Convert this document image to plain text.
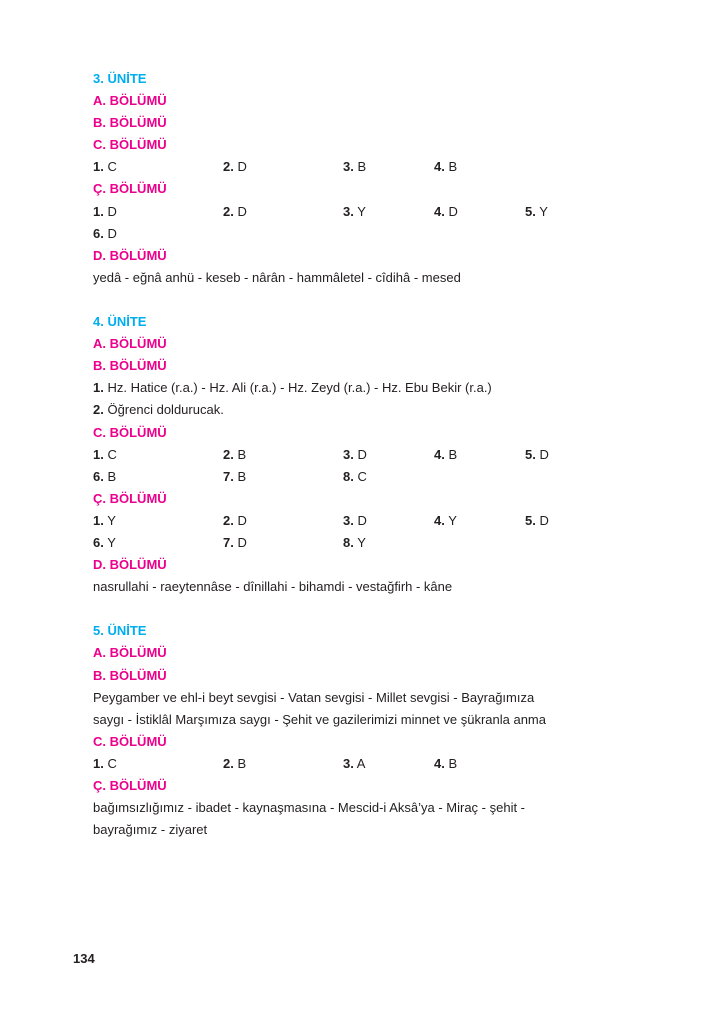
3. ÜNİTE
A. BÖLÜMÜ
B. BÖLÜMÜ
C. BÖLÜMÜ
1. C	2. D	3. B	4. B
Ç. BÖLÜMÜ
1. D	2. D	3. Y	4. D	5. Y
6. D
D. BÖLÜMÜ
yedâ - eğnâ anhü - keseb - nârân - hammâletel - cîdihâ - mesed
4. ÜNİTE
A. BÖLÜMÜ
B. BÖLÜMÜ
1. Hz. Hatice (r.a.) - Hz. Ali (r.a.) - Hz. Zeyd (r.a.) - Hz. Ebu Bekir (r.a.)
2. Öğrenci doldurucak.
C. BÖLÜMÜ
1. C	2. B	3. D	4. B	5. D
6. B	7. B	8. C
Ç. BÖLÜMÜ
1. Y	2. D	3. D	4. Y	5. D
6. Y	7. D	8. Y
D. BÖLÜMÜ
nasrullahi - raeytennâse - dînillahi - bihamdi - vestağfirh - kâne
5. ÜNİTE
A. BÖLÜMÜ
B. BÖLÜMÜ
Peygamber ve ehl-i beyt sevgisi - Vatan sevgisi - Millet sevgisi - Bayrağımıza
saygı - İstiklâl Marşımıza saygı - Şehit ve gazilerimizi minnet ve şükranla anma
C. BÖLÜMÜ
1. C	2. B	3. A	4. B
Ç. BÖLÜMÜ
bağımsızlığımız - ibadet - kaynaşmasına - Mescid-i Aksâ’ya - Miraç - şehit -
bayrağımız - ziyaret
134
